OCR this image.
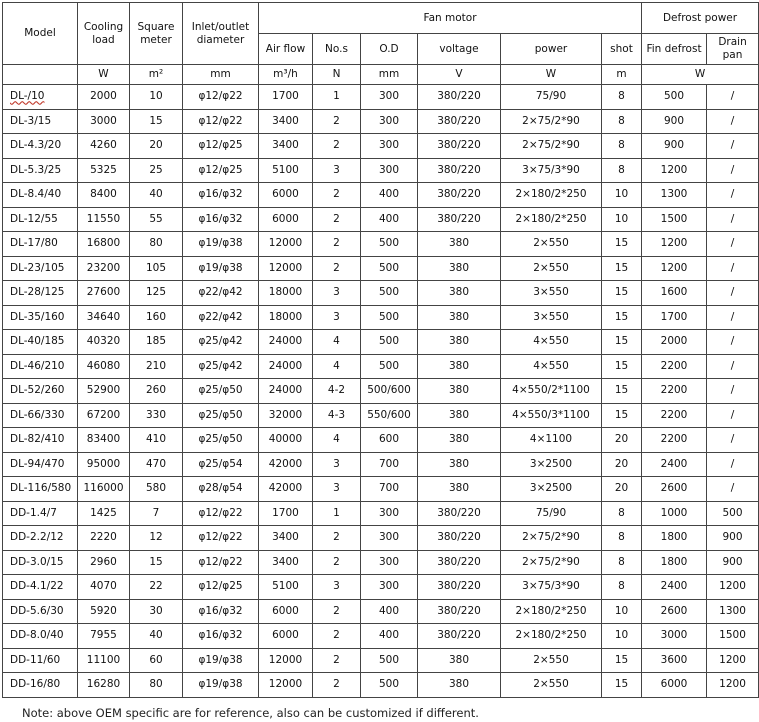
Model	Cooling load	Square meter	Inlet/outlet diameter	Fan motor						Defrost power	
				Air flow	No.s	O.D	voltage	power	shot	Fin defrost	Drain pan
	W	m²	mm	m³/h	N	mm	V	W	m	W	
DL-/10	2000	10	φ12/φ22	1700	1	300	380/220	75/90	8	500	/
DL-3/15	3000	15	φ12/φ22	3400	2	300	380/220	2×75/2*90	8	900	/
DL-4.3/20	4260	20	φ12/φ25	3400	2	300	380/220	2×75/2*90	8	900	/
DL-5.3/25	5325	25	φ12/φ25	5100	3	300	380/220	3×75/3*90	8	1200	/
DL-8.4/40	8400	40	φ16/φ32	6000	2	400	380/220	2×180/2*250	10	1300	/
DL-12/55	11550	55	φ16/φ32	6000	2	400	380/220	2×180/2*250	10	1500	/
DL-17/80	16800	80	φ19/φ38	12000	2	500	380	2×550	15	1200	/
DL-23/105	23200	105	φ19/φ38	12000	2	500	380	2×550	15	1200	/
DL-28/125	27600	125	φ22/φ42	18000	3	500	380	3×550	15	1600	/
DL-35/160	34640	160	φ22/φ42	18000	3	500	380	3×550	15	1700	/
DL-40/185	40320	185	φ25/φ42	24000	4	500	380	4×550	15	2000	/
DL-46/210	46080	210	φ25/φ42	24000	4	500	380	4×550	15	2200	/
DL-52/260	52900	260	φ25/φ50	24000	4-2	500/600	380	4×550/2*1100	15	2200	/
DL-66/330	67200	330	φ25/φ50	32000	4-3	550/600	380	4×550/3*1100	15	2200	/
DL-82/410	83400	410	φ25/φ50	40000	4	600	380	4×1100	20	2200	/
DL-94/470	95000	470	φ25/φ54	42000	3	700	380	3×2500	20	2400	/
DL-116/580	116000	580	φ28/φ54	42000	3	700	380	3×2500	20	2600	/
DD-1.4/7	1425	7	φ12/φ22	1700	1	300	380/220	75/90	8	1000	500
DD-2.2/12	2220	12	φ12/φ22	3400	2	300	380/220	2×75/2*90	8	1800	900
DD-3.0/15	2960	15	φ12/φ22	3400	2	300	380/220	2×75/2*90	8	1800	900
DD-4.1/22	4070	22	φ12/φ25	5100	3	300	380/220	3×75/3*90	8	2400	1200
DD-5.6/30	5920	30	φ16/φ32	6000	2	400	380/220	2×180/2*250	10	2600	1300
DD-8.0/40	7955	40	φ16/φ32	6000	2	400	380/220	2×180/2*250	10	3000	1500
DD-11/60	11100	60	φ19/φ38	12000	2	500	380	2×550	15	3600	1200
DD-16/80	16280	80	φ19/φ38	12000	2	500	380	2×550	15	6000	1200
Note: above OEM specific are for reference, also can be customized if different.
